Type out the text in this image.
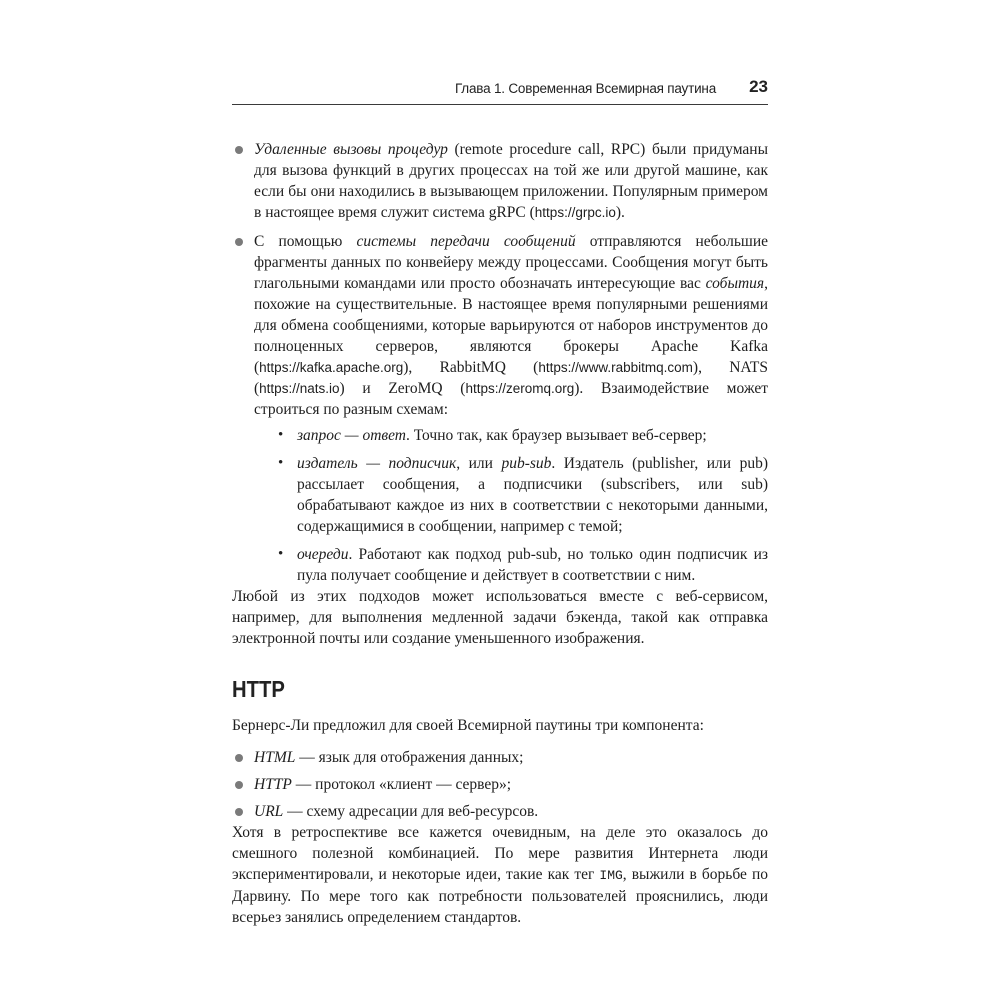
Глава 1. Современная Всемирная паутина 23

Удаленные вызовы процедур (remote procedure call, RPC) были придуманы для вызова функций в других процессах на той же или другой машине, как если бы они находились в вызывающем приложении. Популярным примером в настоящее время служит система gRPC (https://grpc.io).

С помощью системы передачи сообщений отправляются небольшие фрагменты данных по конвейеру между процессами. Сообщения могут быть глагольными командами или просто обозначать интересующие вас события, похожие на существительные. В настоящее время популярными решениями для обмена сообщениями, которые варьируются от наборов инструментов до полноценных серверов, являются брокеры Apache Kafka (https://kafka.apache.org), RabbitMQ (https://www.rabbitmq.com), NATS (https://nats.io) и ZeroMQ (https://zeromq.org). Взаимодействие может строиться по разным схемам:

• запрос — ответ. Точно так, как браузер вызывает веб-сервер;

• издатель — подписчик, или pub-sub. Издатель (publisher, или pub) рассылает сообщения, а подписчики (subscribers, или sub) обрабатывают каждое из них в соответствии с некоторыми данными, содержащимися в сообщении, например с темой;

• очереди. Работают как подход pub-sub, но только один подписчик из пула получает сообщение и действует в соответствии с ним.

Любой из этих подходов может использоваться вместе с веб-сервисом, например, для выполнения медленной задачи бэкенда, такой как отправка электронной почты или создание уменьшенного изображения.

HTTP

Бернерс-Ли предложил для своей Всемирной паутины три компонента:

HTML — язык для отображения данных;

HTTP — протокол «клиент — сервер»;

URL — схему адресации для веб-ресурсов.

Хотя в ретроспективе все кажется очевидным, на деле это оказалось до смешного полезной комбинацией. По мере развития Интернета люди экспериментировали, и некоторые идеи, такие как тег IMG, выжили в борьбе по Дарвину. По мере того как потребности пользователей прояснились, люди всерьез занялись определением стандартов.
